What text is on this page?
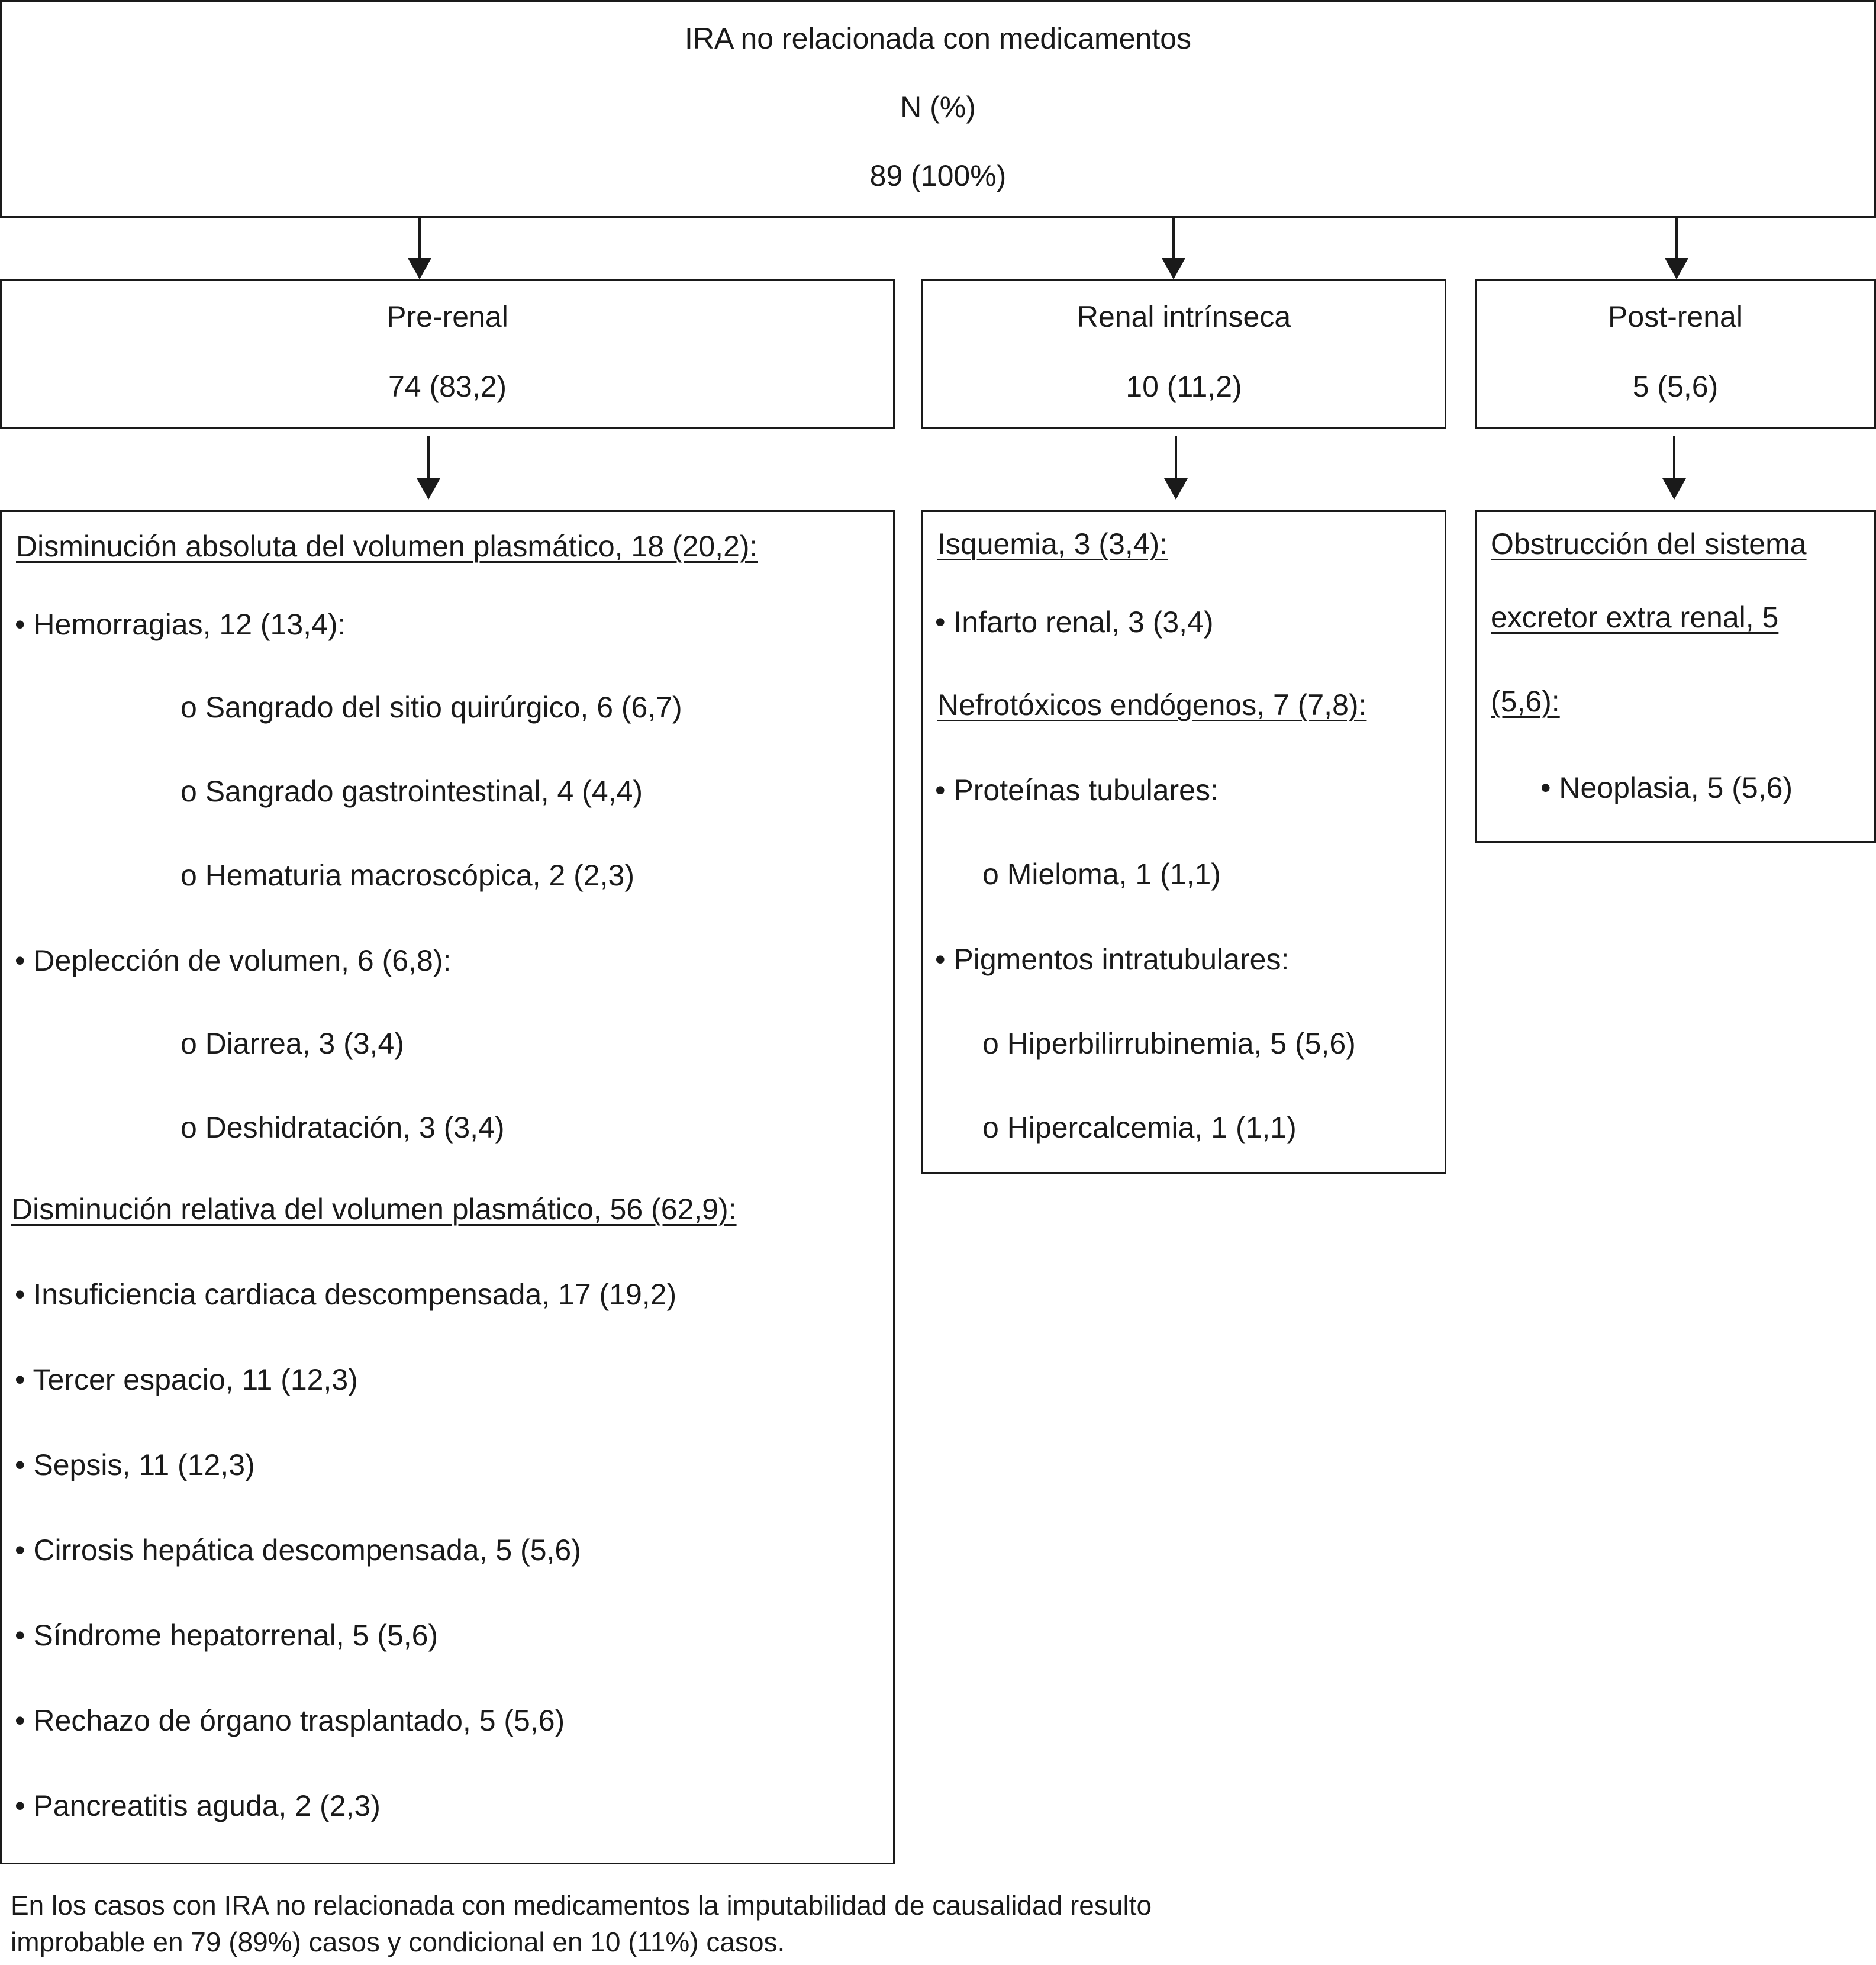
IRA no relacionada con medicamentos
N (%)
89 (100%)
Pre-renal
74 (83,2)
Renal intrínseca
10 (11,2)
Post-renal
5 (5,6)
Disminución absoluta del volumen plasmático, 18 (20,2):
• Hemorragias, 12 (13,4):
o Sangrado del sitio quirúrgico, 6 (6,7)
o Sangrado gastrointestinal, 4 (4,4)
o Hematuria macroscópica, 2 (2,3)
• Deplección de volumen, 6 (6,8):
o Diarrea, 3 (3,4)
o Deshidratación, 3 (3,4)
Disminución relativa del volumen plasmático, 56 (62,9):
• Insuficiencia cardiaca descompensada, 17 (19,2)
• Tercer espacio, 11 (12,3)
• Sepsis, 11 (12,3)
• Cirrosis hepática descompensada, 5 (5,6)
• Síndrome hepatorrenal, 5 (5,6)
• Rechazo de órgano trasplantado, 5 (5,6)
• Pancreatitis aguda, 2 (2,3)
Isquemia, 3 (3,4):
• Infarto renal, 3 (3,4)
Nefrotóxicos endógenos, 7 (7,8):
• Proteínas tubulares:
o Mieloma, 1 (1,1)
• Pigmentos intratubulares:
o Hiperbilirrubinemia, 5 (5,6)
o Hipercalcemia, 1 (1,1)
Obstrucción del sistema
excretor extra renal, 5
(5,6):
• Neoplasia, 5 (5,6)
En los casos con IRA no relacionada con medicamentos la imputabilidad de causalidad resulto
improbable en 79 (89%) casos y condicional en 10 (11%) casos.
